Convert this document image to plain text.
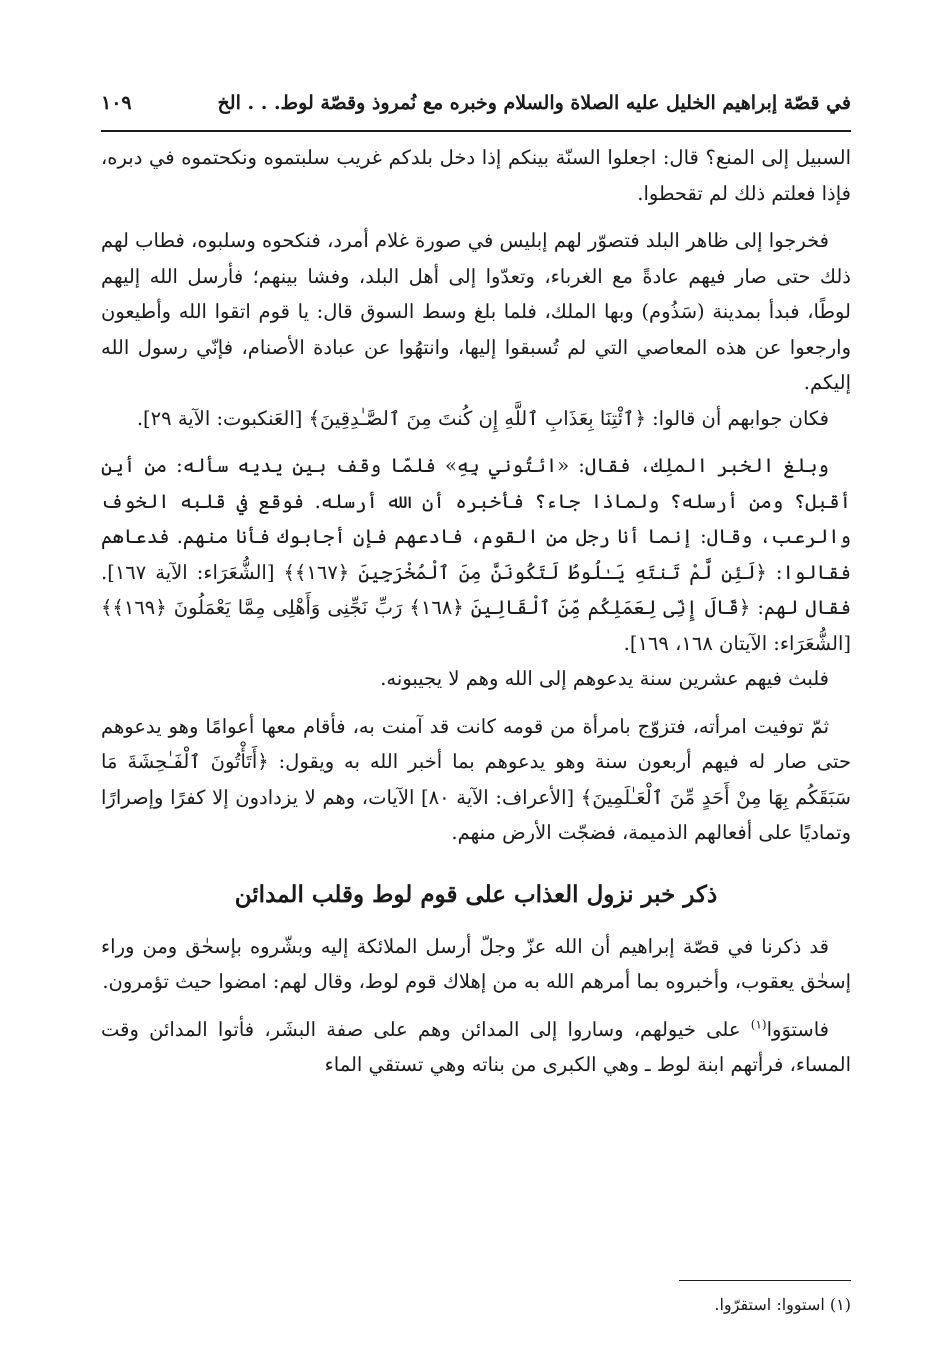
في قصّة إبراهيم الخليل عليه الصلاة والسلام وخبره مع نُمروذ وقصّة لوط. . . الخ
١٠٩

السبيل إلى المنع؟ قال: اجعلوا السنّة بينكم إذا دخل بلدكم غريب سلبتموه ونكحتموه في دبره، فإذا فعلتم ذلك لم تقحطوا.

فخرجوا إلى ظاهر البلد فتصوّر لهم إبليس في صورة غلام أمرد، فنكحوه وسلبوه، فطاب لهم ذلك حتى صار فيهم عادةً مع الغرباء، وتعدّوا إلى أهل البلد، وفشا بينهم؛ فأرسل الله إليهم لوطًا، فبدأ بمدينة (سَذُوم) وبها الملك، فلما بلغ وسط السوق قال: يا قوم اتقوا الله وأطيعون وارجعوا عن هذه المعاصي التي لم تُسبقوا إليها، وانتهُوا عن عبادة الأصنام، فإنّي رسول الله إليكم.

فكان جوابهم أن قالوا: ﴿ٱئْتِنَا بِعَذَابِ ٱللَّهِ إِن كُنتَ مِنَ ٱلصَّـٰدِقِينَ﴾ [العَنكبوت: الآية ٢٩].

وبلغ الخبر الملِك، فقال: «ائتُوني بِهِ» فلمّا وقف بين يديه سأله: من أين أقبل؟ ومن أرسله؟ ولماذا جاء؟ فأخبره أن الله أرسله. فوقع في قلبه الخوف والرعب، وقال: إنما أنا رجل من القوم، فادعهم فإن أجابوك فأنا منهم. فدعاهم فقالوا: ﴿لَئِن لَّمْ تَنتَهِ يَـٰلُوطُ لَتَكُونَنَّ مِنَ ٱلْمُخْرَجِينَ ﴿١٦٧﴾﴾ [الشُّعَرَاء: الآية ١٦٧]. فقال لهم: ﴿قَالَ إِنِّى لِعَمَلِكُم مِّنَ ٱلْقَالِينَ ﴿١٦٨﴾ رَبِّ نَجِّنِى وَأَهْلِى مِمَّا يَعْمَلُونَ ﴿١٦٩﴾﴾ [الشُّعَرَاء: الآيتان ١٦٨، ١٦٩].

فلبث فيهم عشرين سنة يدعوهم إلى الله وهم لا يجيبونه.

ثمّ توفيت امرأته، فتزوّج بامرأة من قومه كانت قد آمنت به، فأقام معها أعوامًا وهو يدعوهم حتى صار له فيهم أربعون سنة وهو يدعوهم بما أخبر الله به ويقول: ﴿أَتَأْتُونَ ٱلْفَـٰحِشَةَ مَا سَبَقَكُم بِهَا مِنْ أَحَدٍ مِّنَ ٱلْعَـٰلَمِينَ﴾ [الأعراف: الآية ٨٠] الآيات، وهم لا يزدادون إلا كفرًا وإصرارًا وتماديًا على أفعالهم الذميمة، فضجّت الأرض منهم.

ذكر خبر نزول العذاب على قوم لوط وقلب المدائن

قد ذكرنا في قصّة إبراهيم أن الله عزّ وجلّ أرسل الملائكة إليه وبشّروه بإسحٰق ومن وراء إسحٰق يعقوب، وأخبروه بما أمرهم الله به من إهلاك قوم لوط، وقال لهم: امضوا حيث تؤمرون.

فاستوَوا$^{(١)}$ على خيولهم، وساروا إلى المدائن وهم على صفة البشَر، فأتوا المدائن وقت المساء، فرأتهم ابنة لوط ـ وهي الكبرى من بناته وهي تستقي الماء

(١) استووا: استقرّوا.
